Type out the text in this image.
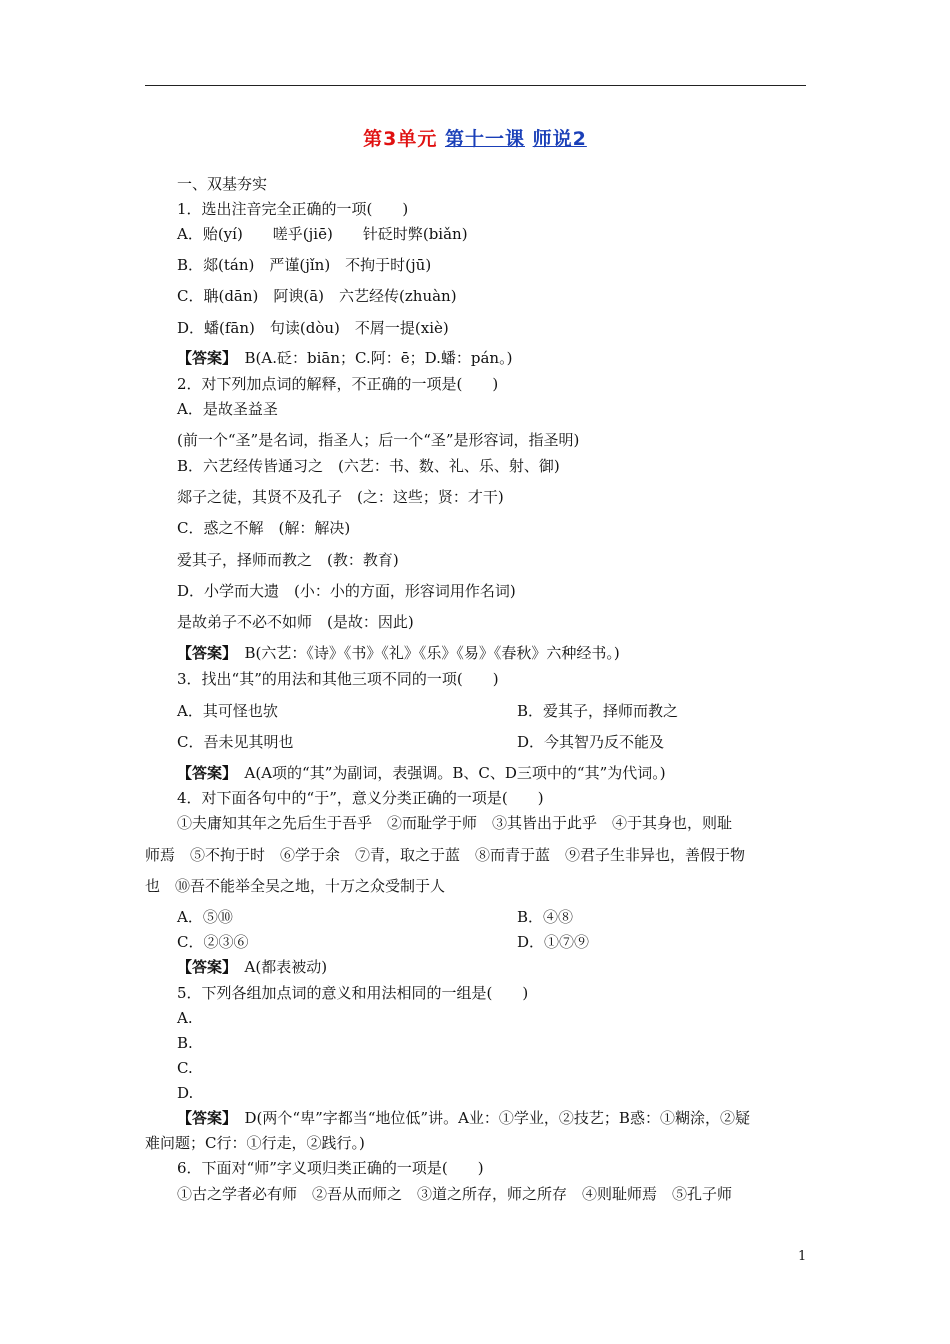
第3单元 第十一课 师说2
一、双基夯实
1．选出注音完全正确的一项(　　)
A．贻(yí)　　嗟乎(jiē)　　针砭时弊(biǎn)
B．郯(tán)　严谨(jǐn)　不拘于时(jū)
C．聃(dān)　阿谀(ā)　六艺经传(zhuàn)
D．蟠(fān)　句读(dòu)　不屑一提(xiè)
【答案】　 B(A.砭：biān；C.阿：ē；D.蟠：pán。)
2．对下列加点词的解释，不正确的一项是(　　)
A．是故圣益圣
(前一个“圣”是名词，指圣人；后一个“圣”是形容词，指圣明)
B．六艺经传皆通习之　(六艺：书、数、礼、乐、射、御)
郯子之徒，其贤不及孔子　(之：这些；贤：才干)
C．惑之不解　(解：解决)
爱其子，择师而教之　(教：教育)
D．小学而大遗　(小：小的方面，形容词用作名词)
是故弟子不必不如师　(是故：因此)
【答案】　 B(六艺：《诗》《书》《礼》《乐》《易》《春秋》六种经书。)
3．找出“其”的用法和其他三项不同的一项(　　)
A．其可怪也欤	B．爱其子，择师而教之
C．吾未见其明也	D．今其智乃反不能及
【答案】　 A(A项的“其”为副词，表强调。B、C、D三项中的“其”为代词。)
4．对下面各句中的“于”，意义分类正确的一项是(　　)
①夫庸知其年之先后生于吾乎　②而耻学于师　③其皆出于此乎　④于其身也，则耻
师焉　⑤不拘于时　⑥学于余　⑦青，取之于蓝　⑧而青于蓝　⑨君子生非异也，善假于物
也　⑩吾不能举全吴之地，十万之众受制于人
A．⑤⑩	B．④⑧
C．②③⑥	D．①⑦⑨
【答案】　 A(都表被动)
5．下列各组加点词的意义和用法相同的一组是(　　)
A.
B.
C.
D.
【答案】　 D(两个“卑”字都当“地位低”讲。A业：①学业，②技艺；B惑：①糊涂，②疑
难问题；C行：①行走，②践行。)
6．下面对“师”字义项归类正确的一项是(　　)
①古之学者必有师　②吾从而师之　③道之所存，师之所存　④则耻师焉　⑤孔子师
1
